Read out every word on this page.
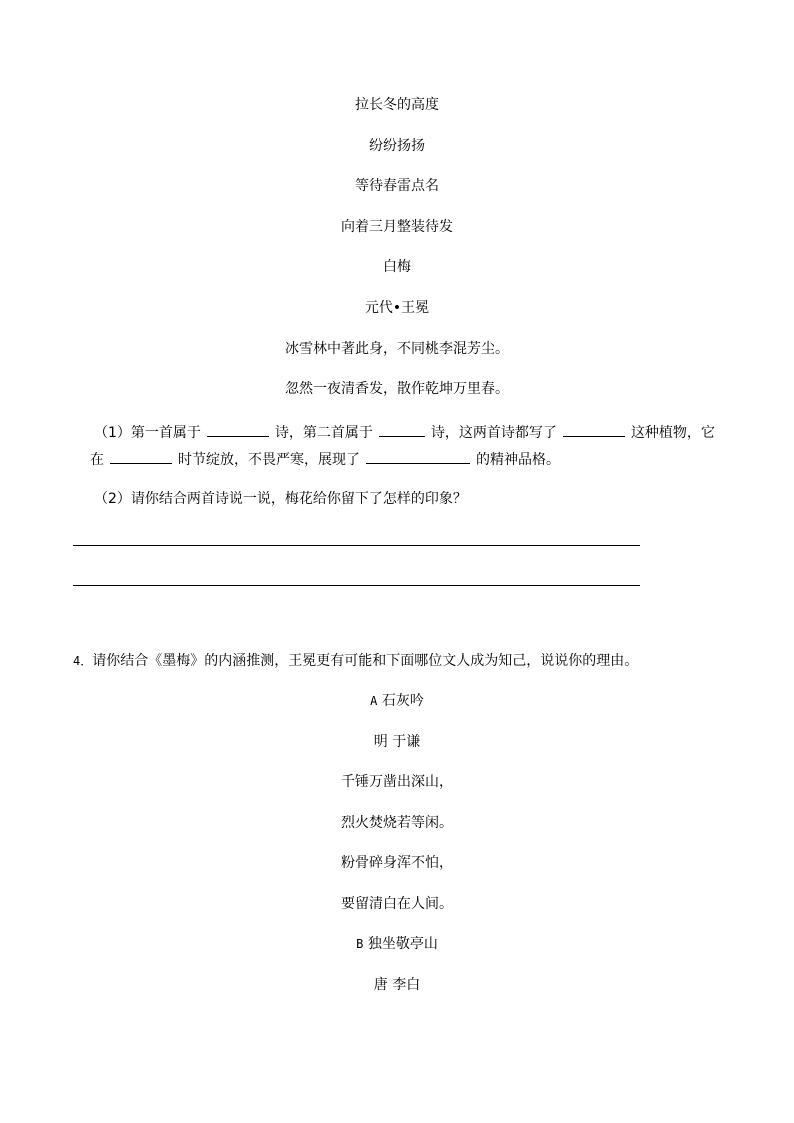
拉长冬的高度
纷纷扬扬
等待春雷点名
向着三月整装待发
白梅
元代•王冕
冰雪林中著此身，不同桃李混芳尘。
忽然一夜清香发，散作乾坤万里春。
（1）第一首属于	诗，第二首属于	诗，这两首诗都写了	这种植物，它
在	时节绽放，不畏严寒，展现了	的精神品格。
（2）请你结合两首诗说一说，梅花给你留下了怎样的印象？
4．请你结合《墨梅》的内涵推测，王冕更有可能和下面哪位文人成为知己，说说你的理由。
A 石灰吟
明 于谦
千锤万凿出深山，
烈火焚烧若等闲。
粉骨碎身浑不怕，
要留清白在人间。
B 独坐敬亭山
唐 李白
